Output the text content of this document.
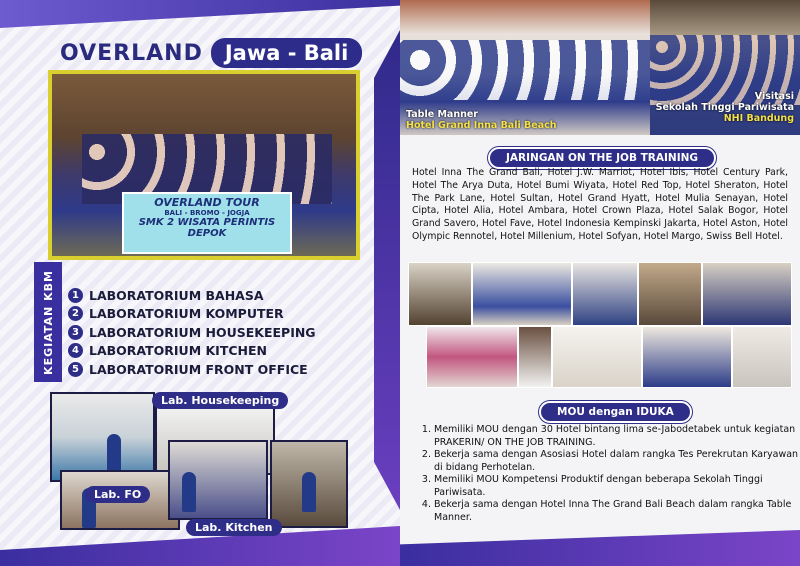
OVERLAND	Jawa - Bali
OVERLAND TOUR
BALI - BROMO - JOGJA
SMK 2 WISATA PERINTIS DEPOK
KEGIATAN KBM	1 LABORATORIUM BAHASA
2 LABORATORIUM KOMPUTER
3 LABORATORIUM HOUSEKEEPING
4 LABORATORIUM KITCHEN
5 LABORATORIUM FRONT OFFICE
Lab. Housekeeping
Lab. FO
Lab. Kitchen
Table Manner
Hotel Grand Inna Bali Beach
Visitasi
Sekolah Tinggi Pariwisata
NHI Bandung
JARINGAN ON THE JOB TRAINING
Hotel Inna The Grand Bali, Hotel J.W. Marriot, Hotel Ibis, Hotel Century Park, Hotel The Arya Duta, Hotel Bumi Wiyata, Hotel Red Top, Hotel Sheraton, Hotel The Park Lane, Hotel Sultan, Hotel Grand Hyatt, Hotel Mulia Senayan, Hotel Cipta, Hotel Alia, Hotel Ambara, Hotel Crown Plaza, Hotel Salak Bogor, Hotel Grand Savero, Hotel Fave, Hotel Indonesia Kempinski Jakarta, Hotel Aston, Hotel Olympic Rennotel, Hotel Millenium, Hotel Sofyan, Hotel Margo, Swiss Bell Hotel.
MOU dengan IDUKA
1. Memiliki MOU dengan 30 Hotel bintang lima se-Jabodetabek untuk kegiatan PRAKERIN/ ON THE JOB TRAINING.
2. Bekerja sama dengan Asosiasi Hotel dalam rangka Tes Perekrutan Karyawan di bidang Perhotelan.
3. Memiliki MOU Kompetensi Produktif dengan beberapa Sekolah Tinggi Pariwisata.
4. Bekerja sama dengan Hotel Inna The Grand Bali Beach dalam rangka Table Manner.
